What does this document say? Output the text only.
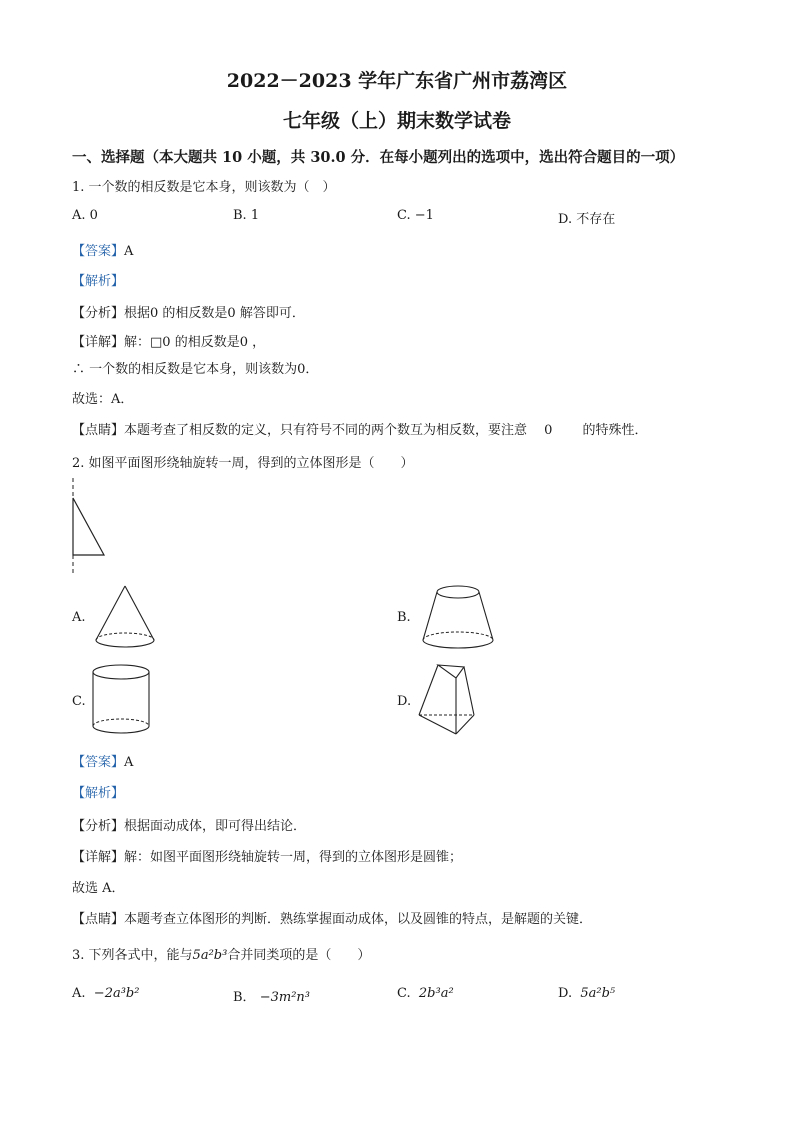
2022－2023 学年广东省广州市荔湾区
七年级（上）期末数学试卷
一、选择题（本大题共 10 小题，共 30.0 分．在每小题列出的选项中，选出符合题目的一项）
1. 一个数的相反数是它本身，则该数为（　）
A. 0	B. 1	C. −1	D. 不存在
【答案】A
【解析】
【分析】根据0 的相反数是0 解答即可．
【详解】解：□0 的相反数是0 ，
∴ 一个数的相反数是它本身，则该数为0．
故选：A．
【点睛】本题考查了相反数的定义，只有符号不同的两个数互为相反数，要注意　 0　　 的特殊性．
2. 如图平面图形绕轴旋转一周，得到的立体图形是（　　）
A.	B.
C.	D.
【答案】A
【解析】
【分析】根据面动成体，即可得出结论．
【详解】解：如图平面图形绕轴旋转一周，得到的立体图形是圆锥；
故选 A．
【点睛】本题考查立体图形的判断．熟练掌握面动成体，以及圆锥的特点，是解题的关键．
3. 下列各式中，能与5a²b³合并同类项的是（　　）
A. −2a³b²	B． −3m²n³	C. 2b³a²	D. 5a²b⁵
